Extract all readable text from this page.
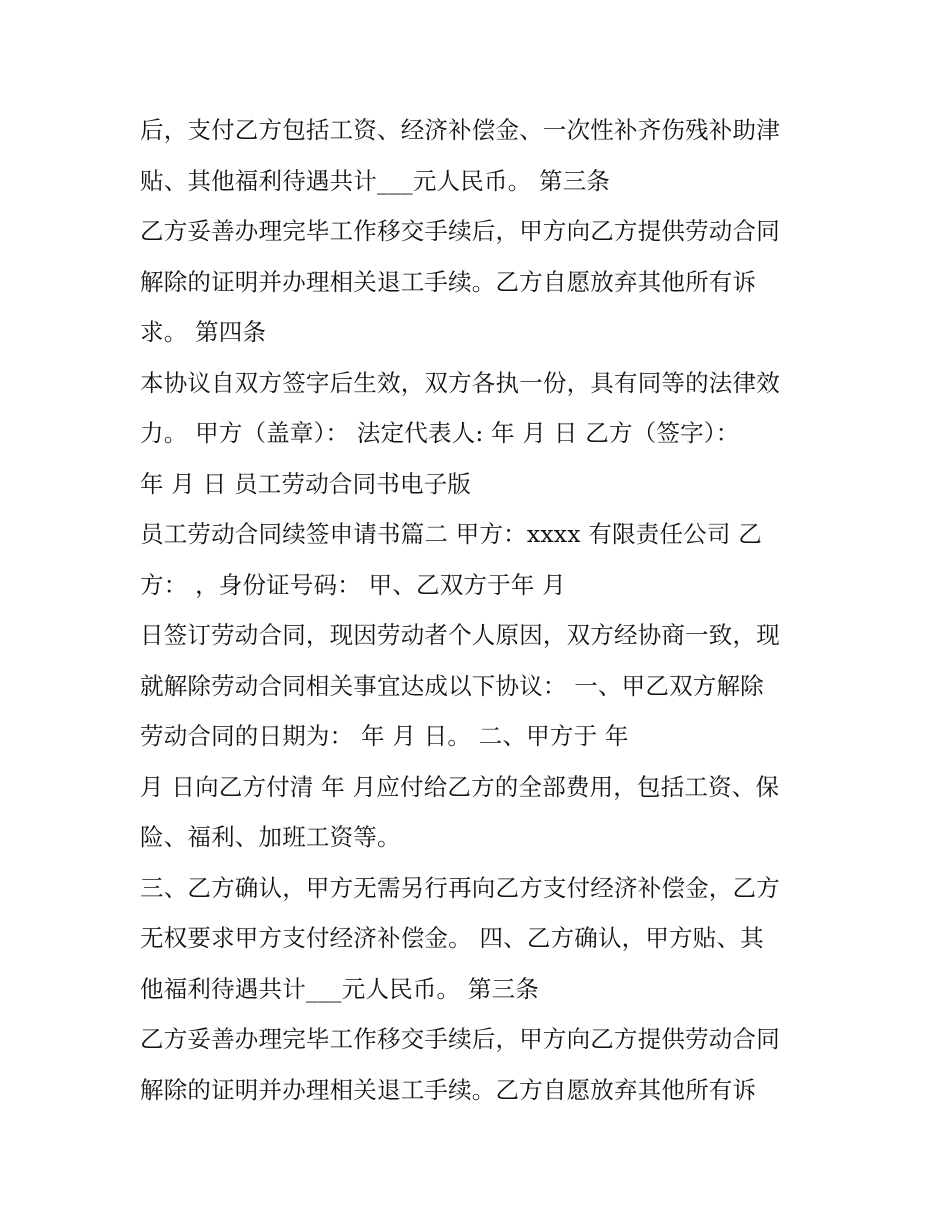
后，支付乙方包括工资、经济补偿金、一次性补齐伤残补助津
贴、其他福利待遇共计___元人民币。 第三条
乙方妥善办理完毕工作移交手续后，甲方向乙方提供劳动合同
解除的证明并办理相关退工手续。乙方自愿放弃其他所有诉
求。 第四条
本协议自双方签字后生效，双方各执一份，具有同等的法律效
力。 甲方（盖章）： 法定代表人: 年 月 日 乙方（签字）：
年 月 日 员工劳动合同书电子版
员工劳动合同续签申请书篇二 甲方：xxxx 有限责任公司 乙
方： ，身份证号码： 甲、乙双方于年 月
日签订劳动合同，现因劳动者个人原因，双方经协商一致，现
就解除劳动合同相关事宜达成以下协议： 一、甲乙双方解除
劳动合同的日期为： 年 月 日。 二、甲方于 年
月 日向乙方付清 年 月应付给乙方的全部费用，包括工资、保
险、福利、加班工资等。
三、乙方确认，甲方无需另行再向乙方支付经济补偿金，乙方
无权要求甲方支付经济补偿金。 四、乙方确认，甲方贴、其
他福利待遇共计___元人民币。 第三条
乙方妥善办理完毕工作移交手续后，甲方向乙方提供劳动合同
解除的证明并办理相关退工手续。乙方自愿放弃其他所有诉
